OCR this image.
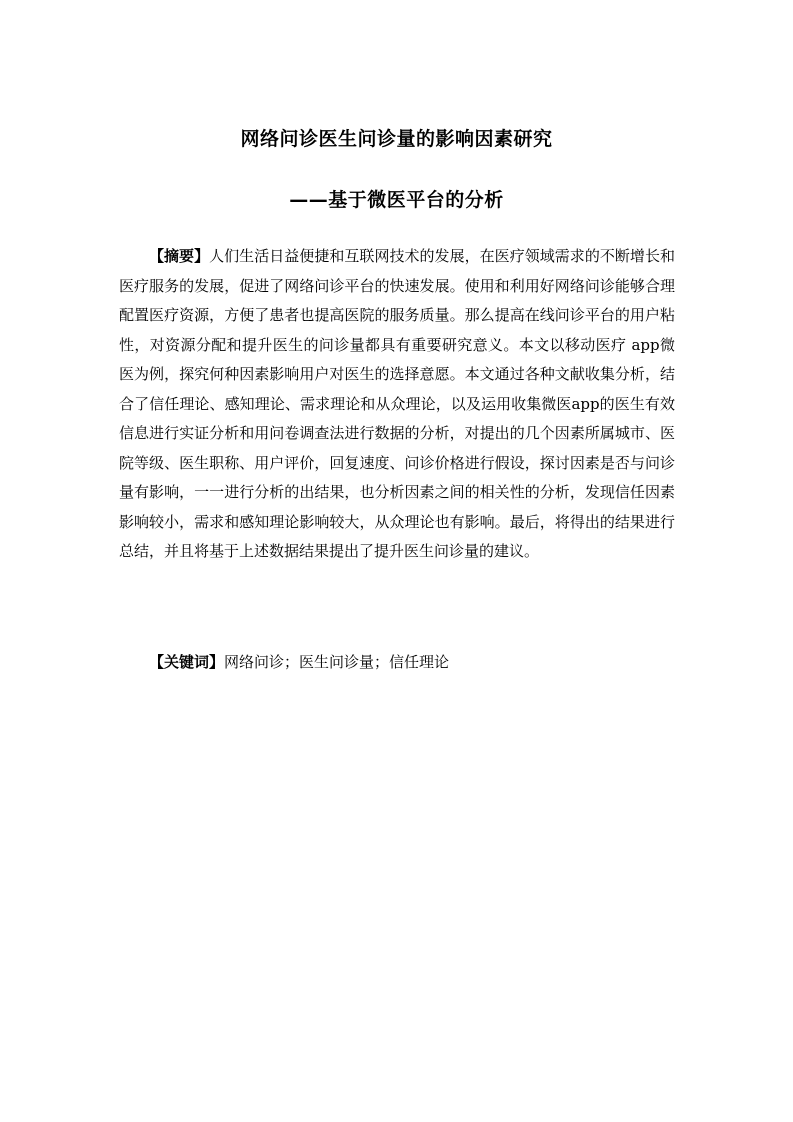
网络问诊医生问诊量的影响因素研究
——基于微医平台的分析

【摘要】人们生活日益便捷和互联网技术的发展，在医疗领域需求的不断增长和医疗服务的发展，促进了网络问诊平台的快速发展。使用和利用好网络问诊能够合理配置医疗资源，方便了患者也提高医院的服务质量。那么提高在线问诊平台的用户粘性，对资源分配和提升医生的问诊量都具有重要研究意义。本文以移动医疗 app微医为例，探究何种因素影响用户对医生的选择意愿。本文通过各种文献收集分析，结合了信任理论、感知理论、需求理论和从众理论，以及运用收集微医app的医生有效信息进行实证分析和用问卷调查法进行数据的分析，对提出的几个因素所属城市、医院等级、医生职称、用户评价，回复速度、问诊价格进行假设，探讨因素是否与问诊量有影响，一一进行分析的出结果，也分析因素之间的相关性的分析，发现信任因素影响较小，需求和感知理论影响较大，从众理论也有影响。最后，将得出的结果进行总结，并且将基于上述数据结果提出了提升医生问诊量的建议。

【关键词】网络问诊；医生问诊量；信任理论
